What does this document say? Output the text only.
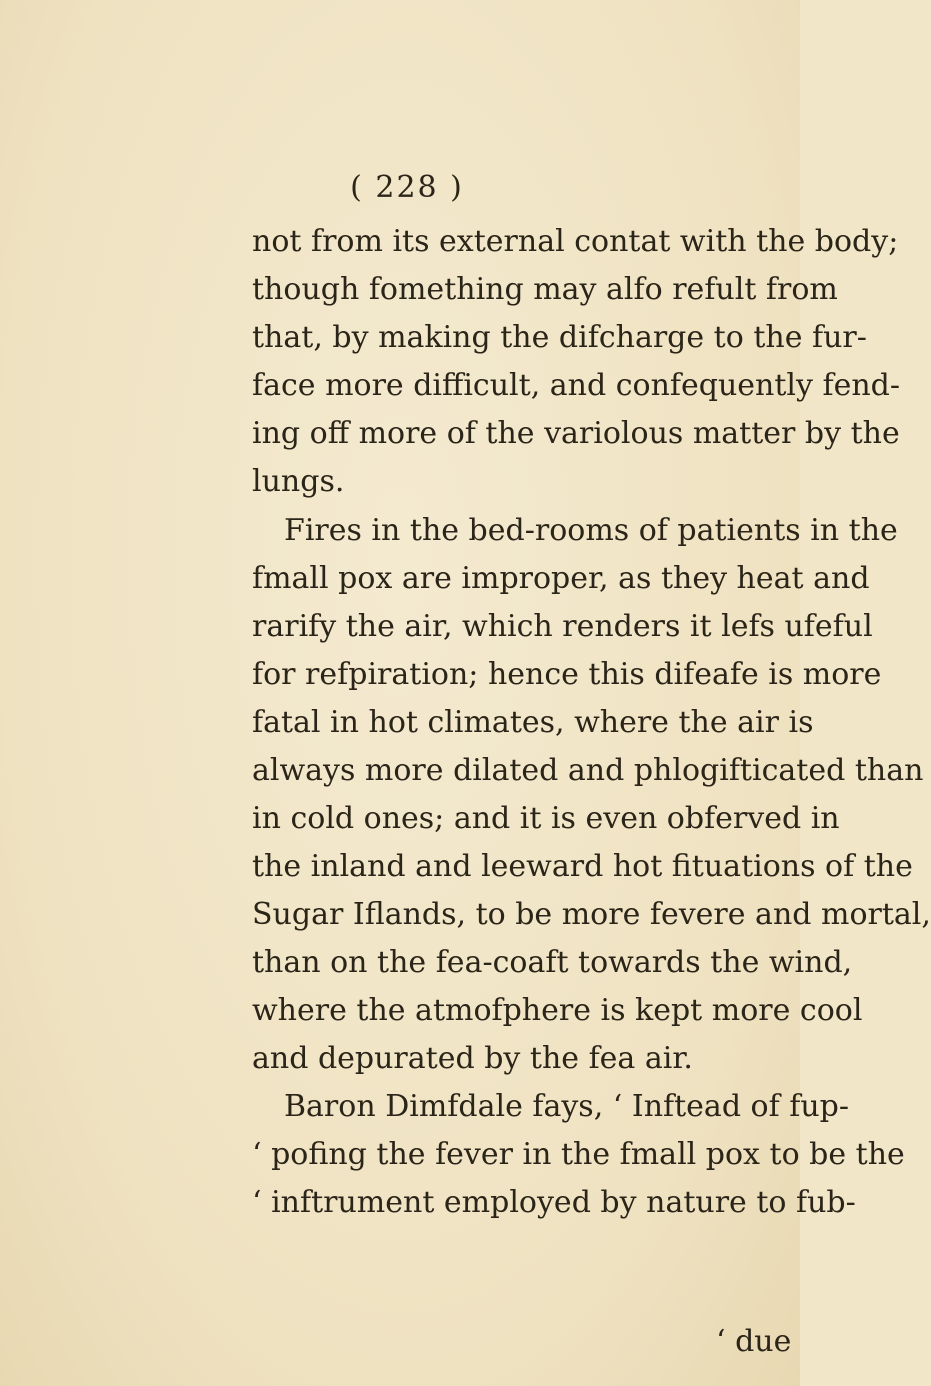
( 228 )
not from its external contat with the body;
though fomething may alfo refult from
that, by making the difcharge to the fur-
face more difficult, and confequently fend-
ing off more of the variolous matter by the
lungs.
Fires in the bed-rooms of patients in the
fmall pox are improper, as they heat and
rarify the air, which renders it lefs ufeful
for refpiration; hence this difeafe is more
fatal in hot climates, where the air is
always more dilated and phlogifticated than
in cold ones; and it is even obferved in
the inland and leeward hot fituations of the
Sugar Iflands, to be more fevere and mortal,
than on the fea-coaft towards the wind,
where the atmofphere is kept more cool
and depurated by the fea air.
Baron Dimfdale fays, ‘ Inftead of fup-
‘ pofing the fever in the fmall pox to be the
‘ inftrument employed by nature to fub-
‘ due
